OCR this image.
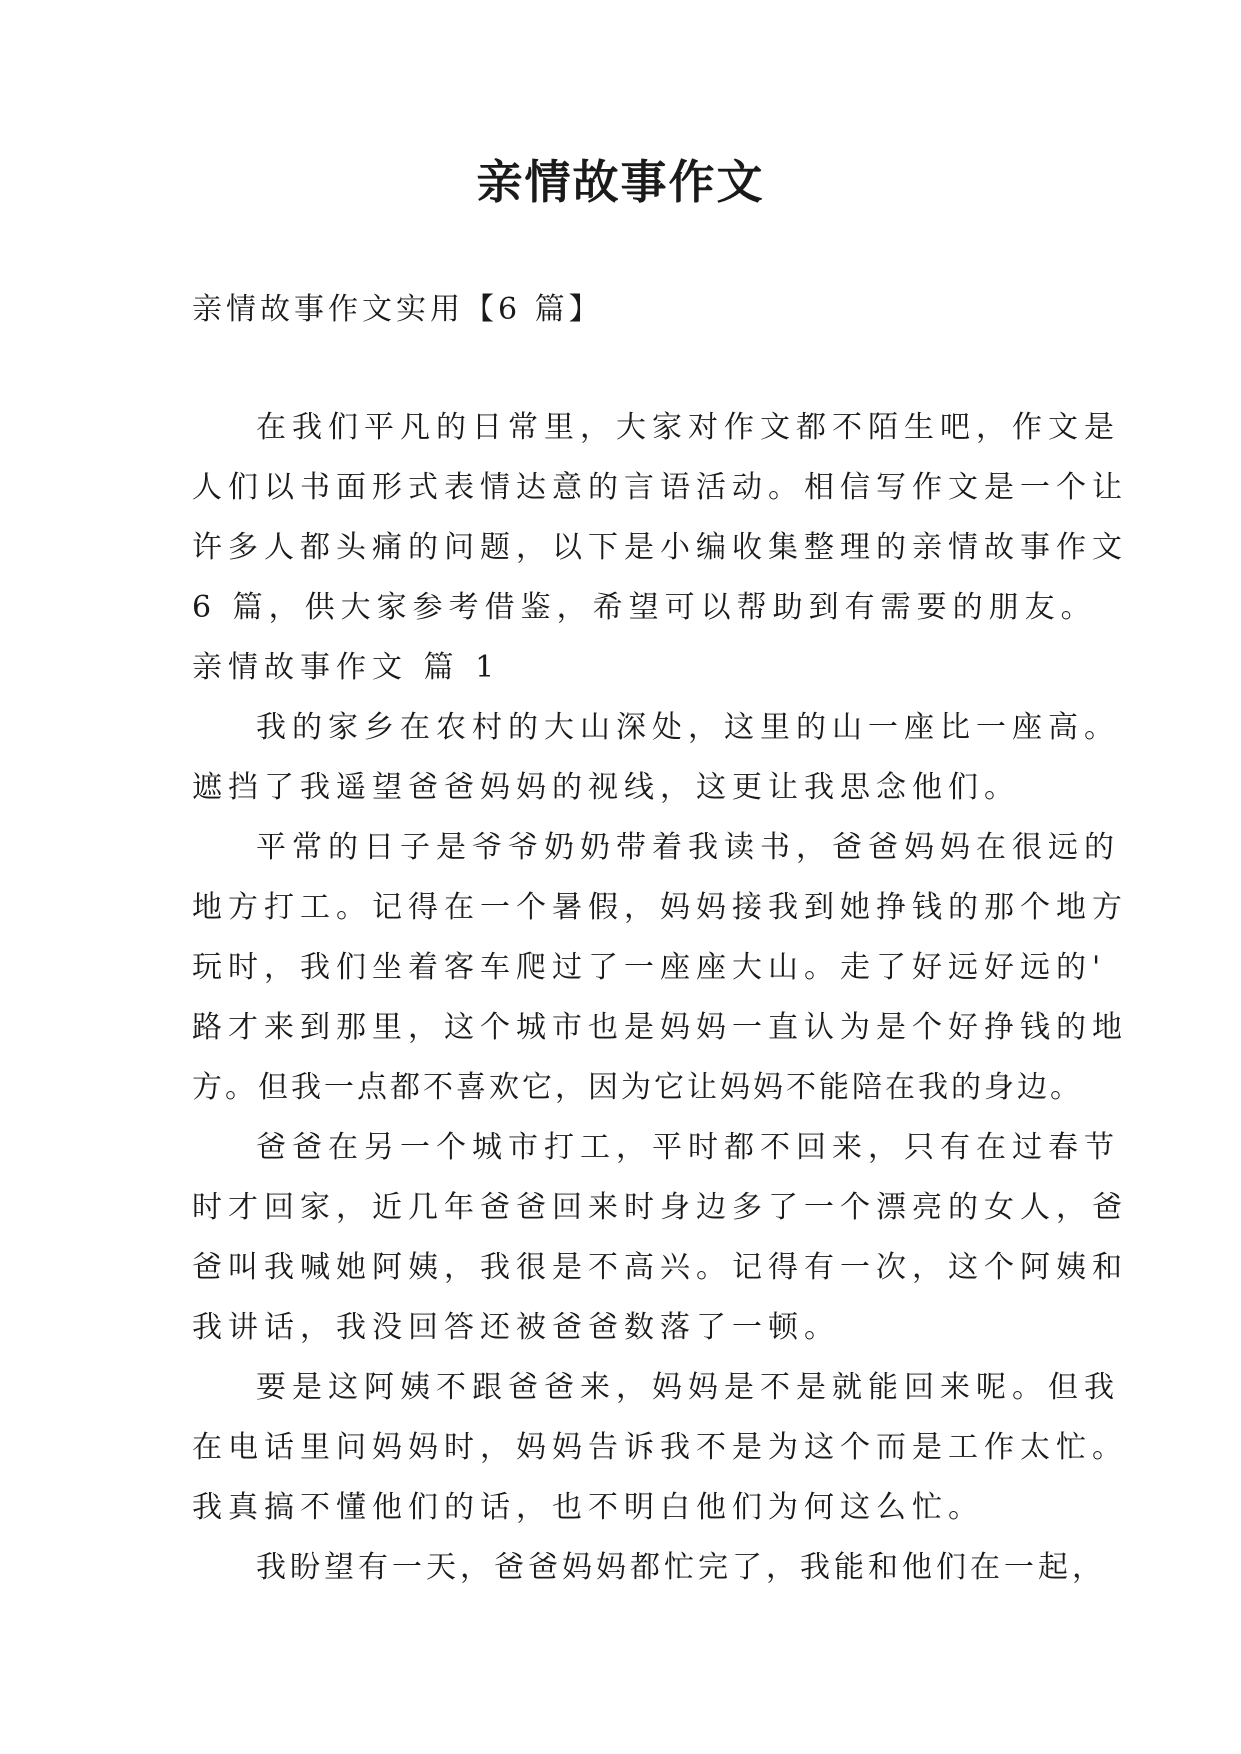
亲情故事作文
亲情故事作文实用【6 篇】
在我们平凡的日常里，大家对作文都不陌生吧，作文是
人们以书面形式表情达意的言语活动。相信写作文是一个让
许多人都头痛的问题，以下是小编收集整理的亲情故事作文
6 篇，供大家参考借鉴，希望可以帮助到有需要的朋友。
亲情故事作文 篇 1
我的家乡在农村的大山深处，这里的山一座比一座高。
遮挡了我遥望爸爸妈妈的视线，这更让我思念他们。
平常的日子是爷爷奶奶带着我读书，爸爸妈妈在很远的
地方打工。记得在一个暑假，妈妈接我到她挣钱的那个地方
玩时，我们坐着客车爬过了一座座大山。走了好远好远的'
路才来到那里，这个城市也是妈妈一直认为是个好挣钱的地
方。但我一点都不喜欢它，因为它让妈妈不能陪在我的身边。
爸爸在另一个城市打工，平时都不回来，只有在过春节
时才回家，近几年爸爸回来时身边多了一个漂亮的女人，爸
爸叫我喊她阿姨，我很是不高兴。记得有一次，这个阿姨和
我讲话，我没回答还被爸爸数落了一顿。
要是这阿姨不跟爸爸来，妈妈是不是就能回来呢。但我
在电话里问妈妈时，妈妈告诉我不是为这个而是工作太忙。
我真搞不懂他们的话，也不明白他们为何这么忙。
我盼望有一天，爸爸妈妈都忙完了，我能和他们在一起，
